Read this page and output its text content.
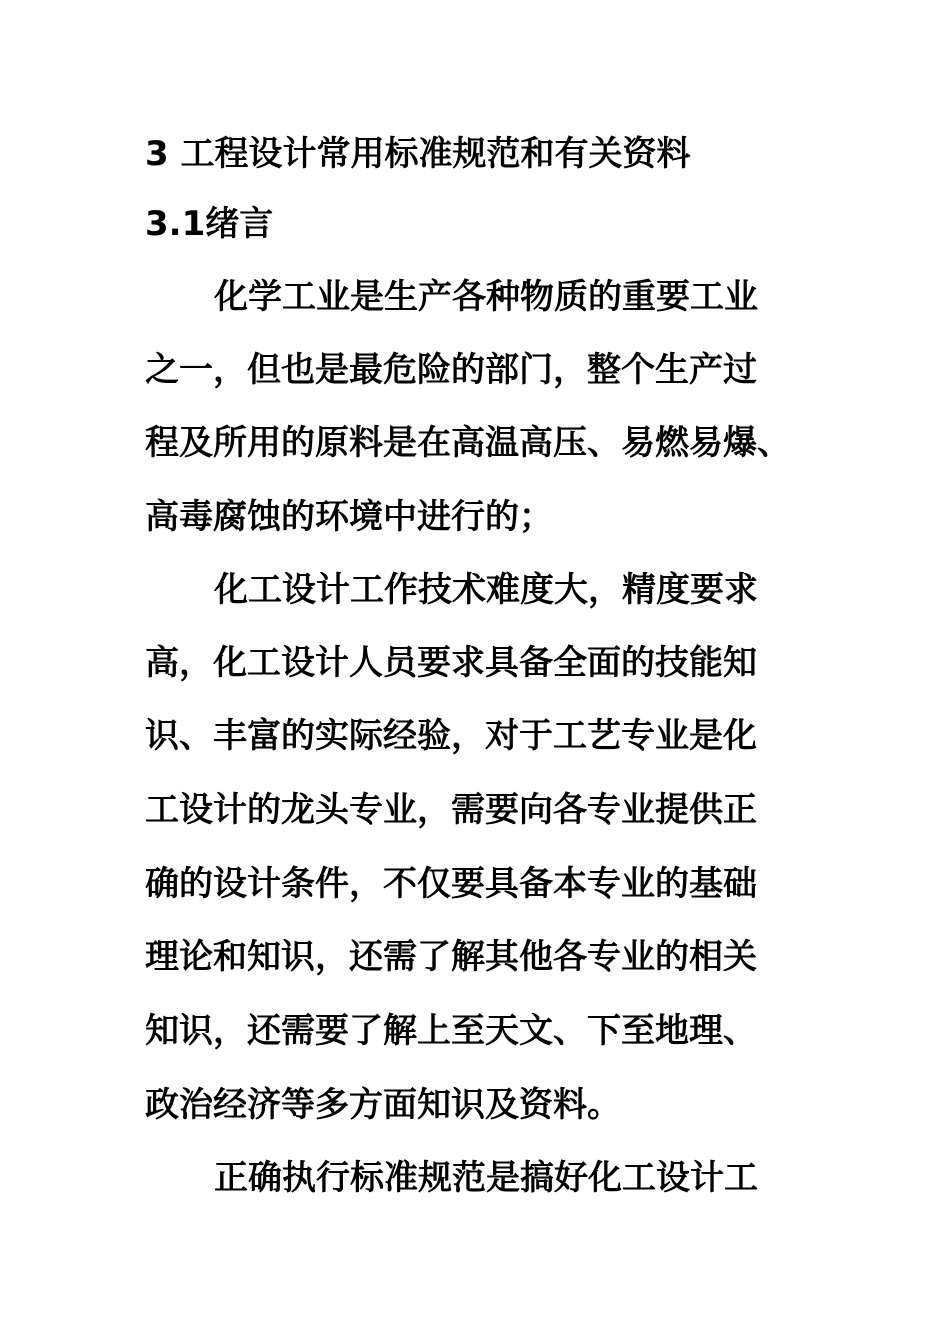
3 工程设计常用标准规范和有关资料
3.1绪言
化学工业是生产各种物质的重要工业
之一，但也是最危险的部门，整个生产过
程及所用的原料是在高温高压、易燃易爆、
高毒腐蚀的环境中进行的；
化工设计工作技术难度大，精度要求
高，化工设计人员要求具备全面的技能知
识、丰富的实际经验，对于工艺专业是化
工设计的龙头专业，需要向各专业提供正
确的设计条件，不仅要具备本专业的基础
理论和知识，还需了解其他各专业的相关
知识，还需要了解上至天文、下至地理、
政治经济等多方面知识及资料。
正确执行标准规范是搞好化工设计工
